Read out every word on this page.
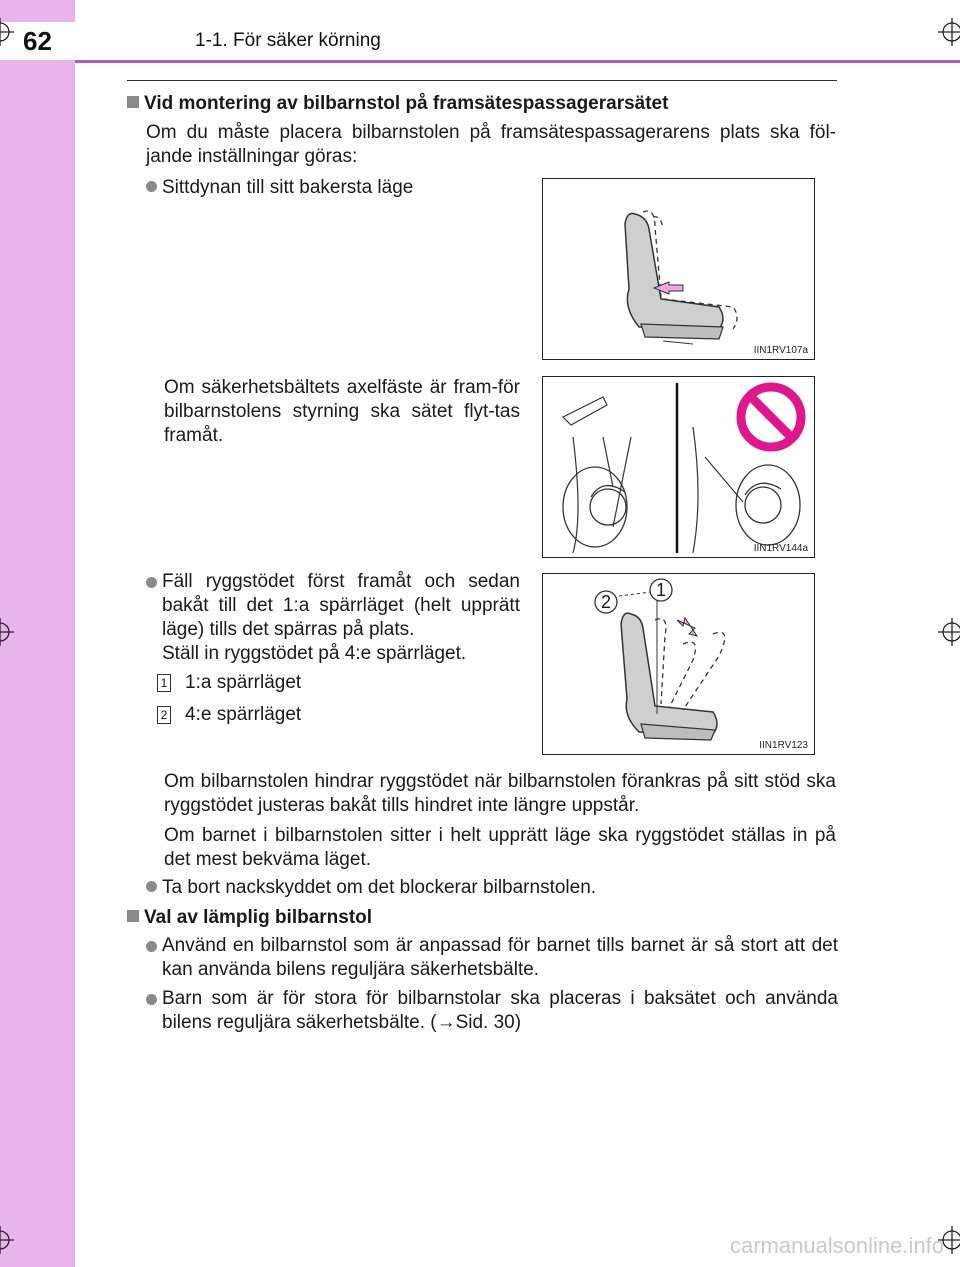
62	1-1. För säker körning
Vid montering av bilbarnstol på framsätespassagerarsätet
Om du måste placera bilbarnstolen på framsätespassagerarens plats ska föl-jande inställningar göras:
Sittdynan till sitt bakersta läge
Om säkerhetsbältets axelfäste är fram-för bilbarnstolens styrning ska sätet flyt-tas framåt.
Fäll ryggstödet först framåt och sedan bakåt till det 1:a spärrläget (helt upprätt läge) tills det spärras på plats.
Ställ in ryggstödet på 4:e spärrläget.
1 1:a spärrläget
2 4:e spärrläget
Om bilbarnstolen hindrar ryggstödet när bilbarnstolen förankras på sitt stöd ska ryggstödet justeras bakåt tills hindret inte längre uppstår.
Om barnet i bilbarnstolen sitter i helt upprätt läge ska ryggstödet ställas in på det mest bekväma läget.
Ta bort nackskyddet om det blockerar bilbarnstolen.
Val av lämplig bilbarnstol
Använd en bilbarnstol som är anpassad för barnet tills barnet är så stort att det kan använda bilens reguljära säkerhetsbälte.
Barn som är för stora för bilbarnstolar ska placeras i baksätet och använda bilens reguljära säkerhetsbälte. (→Sid. 30)
IIN1RV107a
IIN1RV144a
2
1
IIN1RV123
carmanualsonline.info
